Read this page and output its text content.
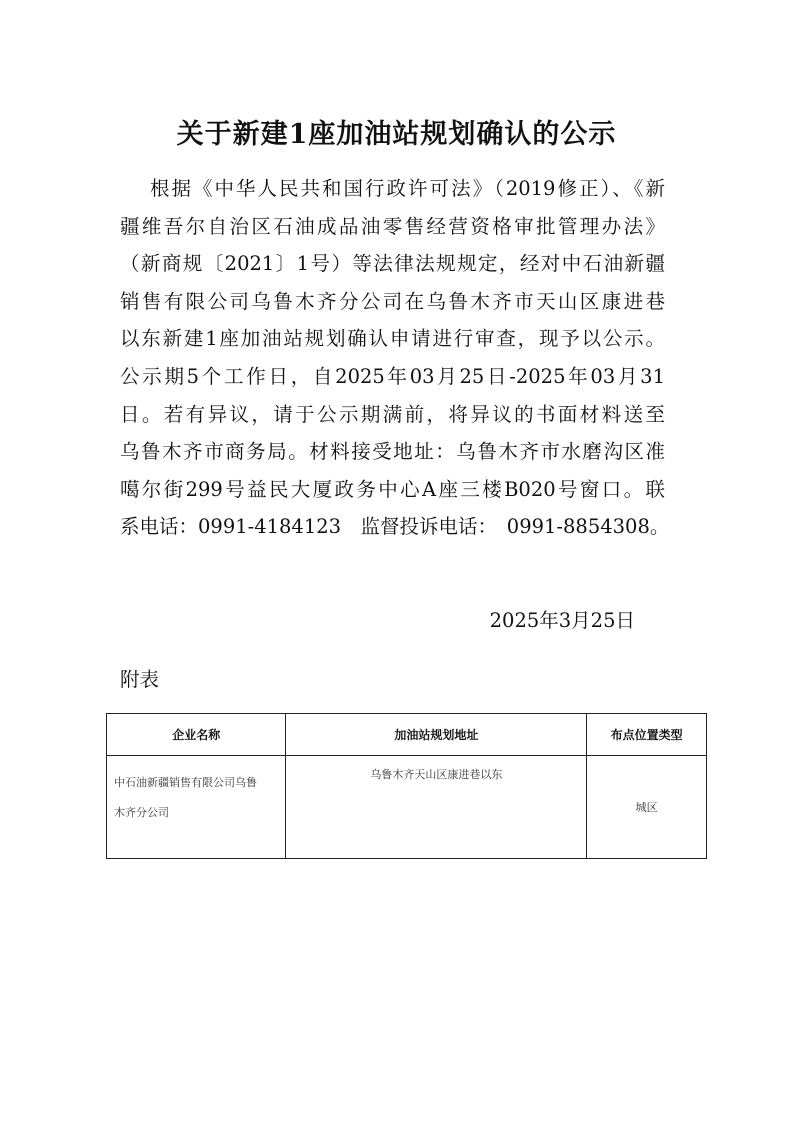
关于新建1座加油站规划确认的公示
根据《中华人民共和国行政许可法》（2019修正）、《新
疆维吾尔自治区石油成品油零售经营资格审批管理办法》
（新商规〔2021〕1号）等法律法规规定，经对中石油新疆
销售有限公司乌鲁木齐分公司在乌鲁木齐市天山区康进巷
以东新建1座加油站规划确认申请进行审查，现予以公示。
公示期5个工作日，自2025年03月25日-2025年03月31
日。若有异议，请于公示期满前，将异议的书面材料送至
乌鲁木齐市商务局。材料接受地址：乌鲁木齐市水磨沟区准
噶尔街299号益民大厦政务中心A座三楼B020号窗口。联
系电话：0991-4184123　监督投诉电话：　0991-8854308。
2025年3月25日
附表
企业名称	加油站规划地址	布点位置类型
中石油新疆销售有限公司乌鲁
木齐分公司	乌鲁木齐天山区康进巷以东	城区
